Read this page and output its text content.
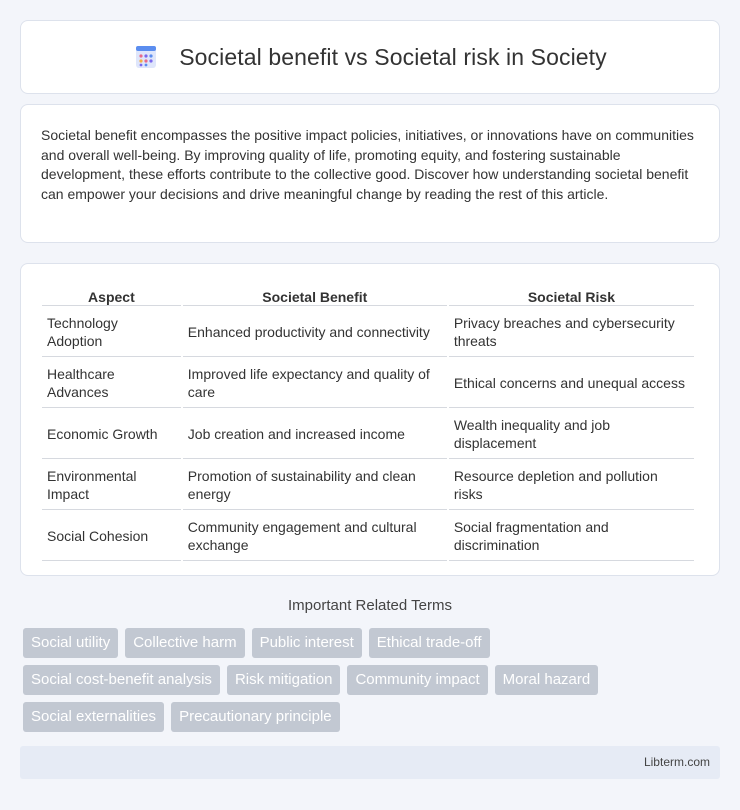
Societal benefit vs Societal risk in Society

Societal benefit encompasses the positive impact policies, initiatives, or innovations have on communities and overall well-being. By improving quality of life, promoting equity, and fostering sustainable development, these efforts contribute to the collective good. Discover how understanding societal benefit can empower your decisions and drive meaningful change by reading the rest of this article.

Aspect	Societal Benefit	Societal Risk
Technology Adoption	Enhanced productivity and connectivity	Privacy breaches and cybersecurity threats
Healthcare Advances	Improved life expectancy and quality of care	Ethical concerns and unequal access
Economic Growth	Job creation and increased income	Wealth inequality and job displacement
Environmental Impact	Promotion of sustainability and clean energy	Resource depletion and pollution risks
Social Cohesion	Community engagement and cultural exchange	Social fragmentation and discrimination
Important Related Terms
Social utility	Collective harm	Public interest	Ethical trade-off
Social cost-benefit analysis	Risk mitigation	Community impact	Moral hazard
Social externalities	Precautionary principle
Libterm.com
